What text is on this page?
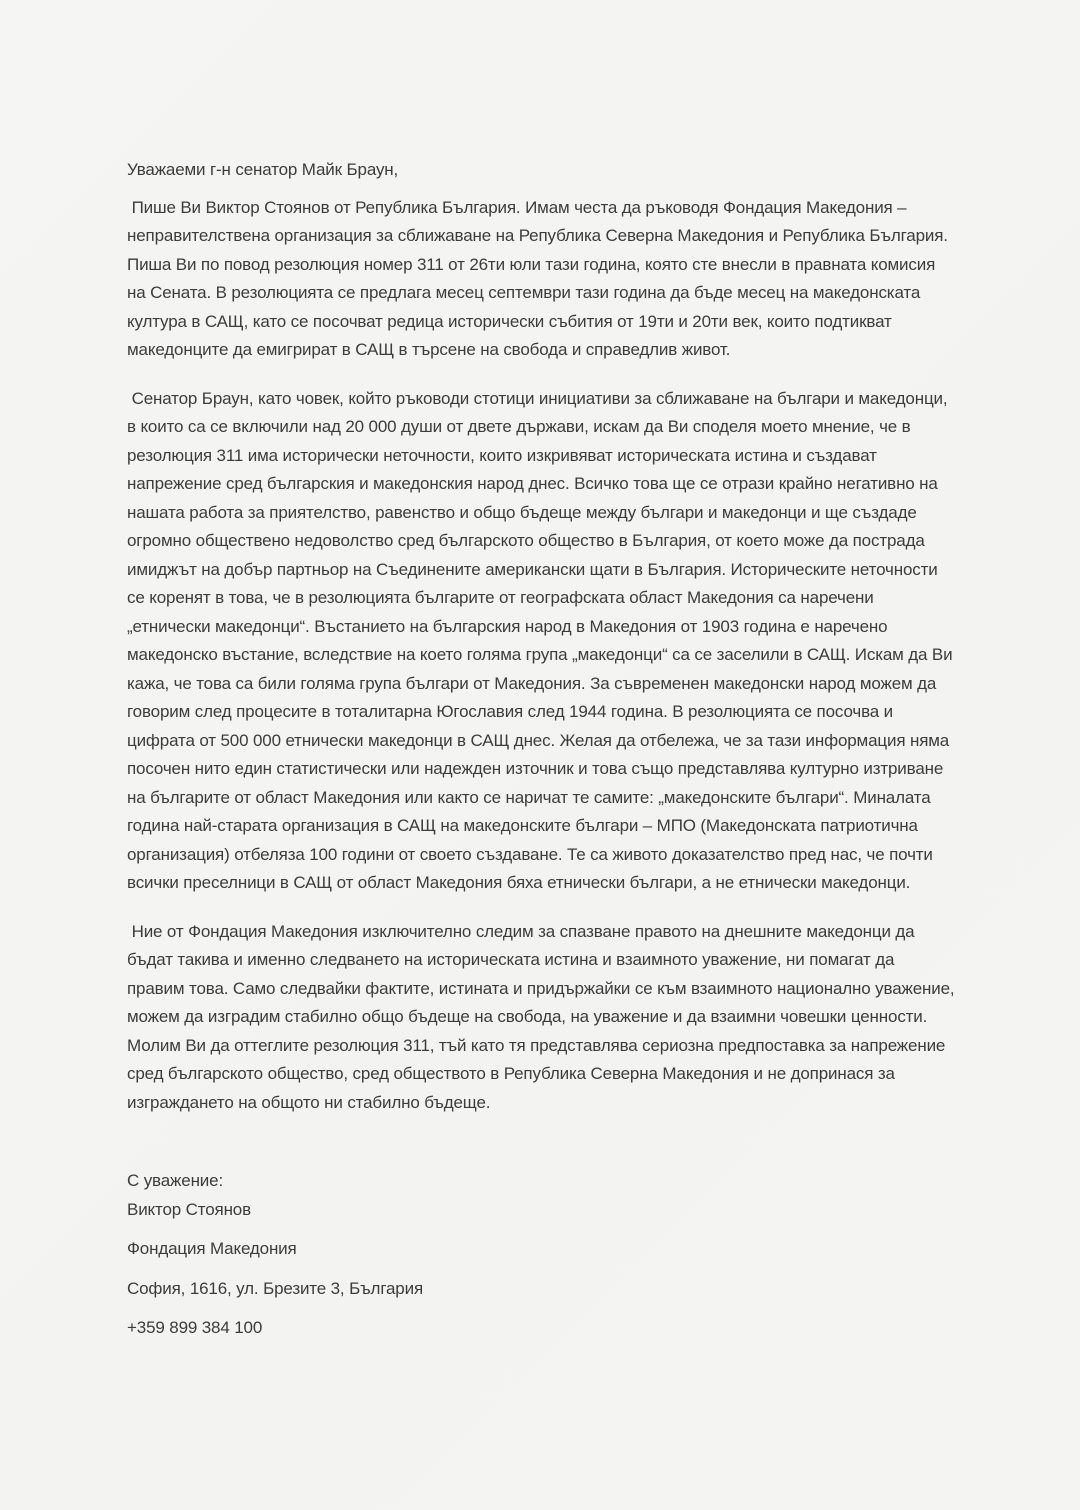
Уважаеми г-н сенатор Майк Браун,

Пише Ви Виктор Стоянов от Република България. Имам честа да ръководя Фондация Македония – неправителствена организация за сближаване на Република Северна Македония и Република България. Пиша Ви по повод резолюция номер 311 от 26ти юли тази година, която сте внесли в правната комисия на Сената. В резолюцията се предлага месец септември тази година да бъде месец на македонската култура в САЩ, като се посочват редица исторически събития от 19ти и 20ти век, които подтикват македонците да емигрират в САЩ в търсене на свобода и справедлив живот.

Сенатор Браун, като човек, който ръководи стотици инициативи за сближаване на българи и македонци, в които са се включили над 20 000 души от двете държави, искам да Ви споделя моето мнение, че в резолюция 311 има исторически неточности, които изкривяват историческата истина и създават напрежение сред българския и македонския народ днес. Всичко това ще се отрази крайно негативно на нашата работа за приятелство, равенство и общо бъдеще между българи и македонци и ще създаде огромно обществено недоволство сред българското общество в България, от което може да пострада имиджът на добър партньор на Съединените американски щати в България. Историческите неточности се коренят в това, че в резолюцията българите от географската област Македония са наречени „етнически македонци“. Въстанието на българския народ в Македония от 1903 година е наречено македонско въстание, вследствие на което голяма група „македонци“ са се заселили в САЩ. Искам да Ви кажа, че това са били голяма група българи от Македония. За съвременен македонски народ можем да говорим след процесите в тоталитарна Югославия след 1944 година. В резолюцията се посочва и цифрата от 500 000 етнически македонци в САЩ днес. Желая да отбележа, че за тази информация няма посочен нито един статистически или надежден източник и това също представлява културно изтриване на българите от област Македония или както се наричат те самите: „македонските българи“. Миналата година най-старата организация в САЩ на македонските българи – МПО (Македонската патриотична организация) отбеляза 100 години от своето създаване. Те са живото доказателство пред нас, че почти всички преселници в САЩ от област Македония бяха етнически българи, а не етнически македонци.

Ние от Фондация Македония изключително следим за спазване правото на днешните македонци да бъдат такива и именно следването на историческата истина и взаимното уважение, ни помагат да правим това. Само следвайки фактите, истината и придържайки се към взаимното национално уважение, можем да изградим стабилно общо бъдеще на свобода, на уважение и да взаимни човешки ценности. Молим Ви да оттеглите резолюция 311, тъй като тя представлява сериозна предпоставка за напрежение сред българското общество, сред обществото в Република Северна Македония и не допринася за изграждането на общото ни стабилно бъдеще.

С уважение:

Виктор Стоянов

Фондация Македония

София, 1616, ул. Брезите 3, България

+359 899 384 100
